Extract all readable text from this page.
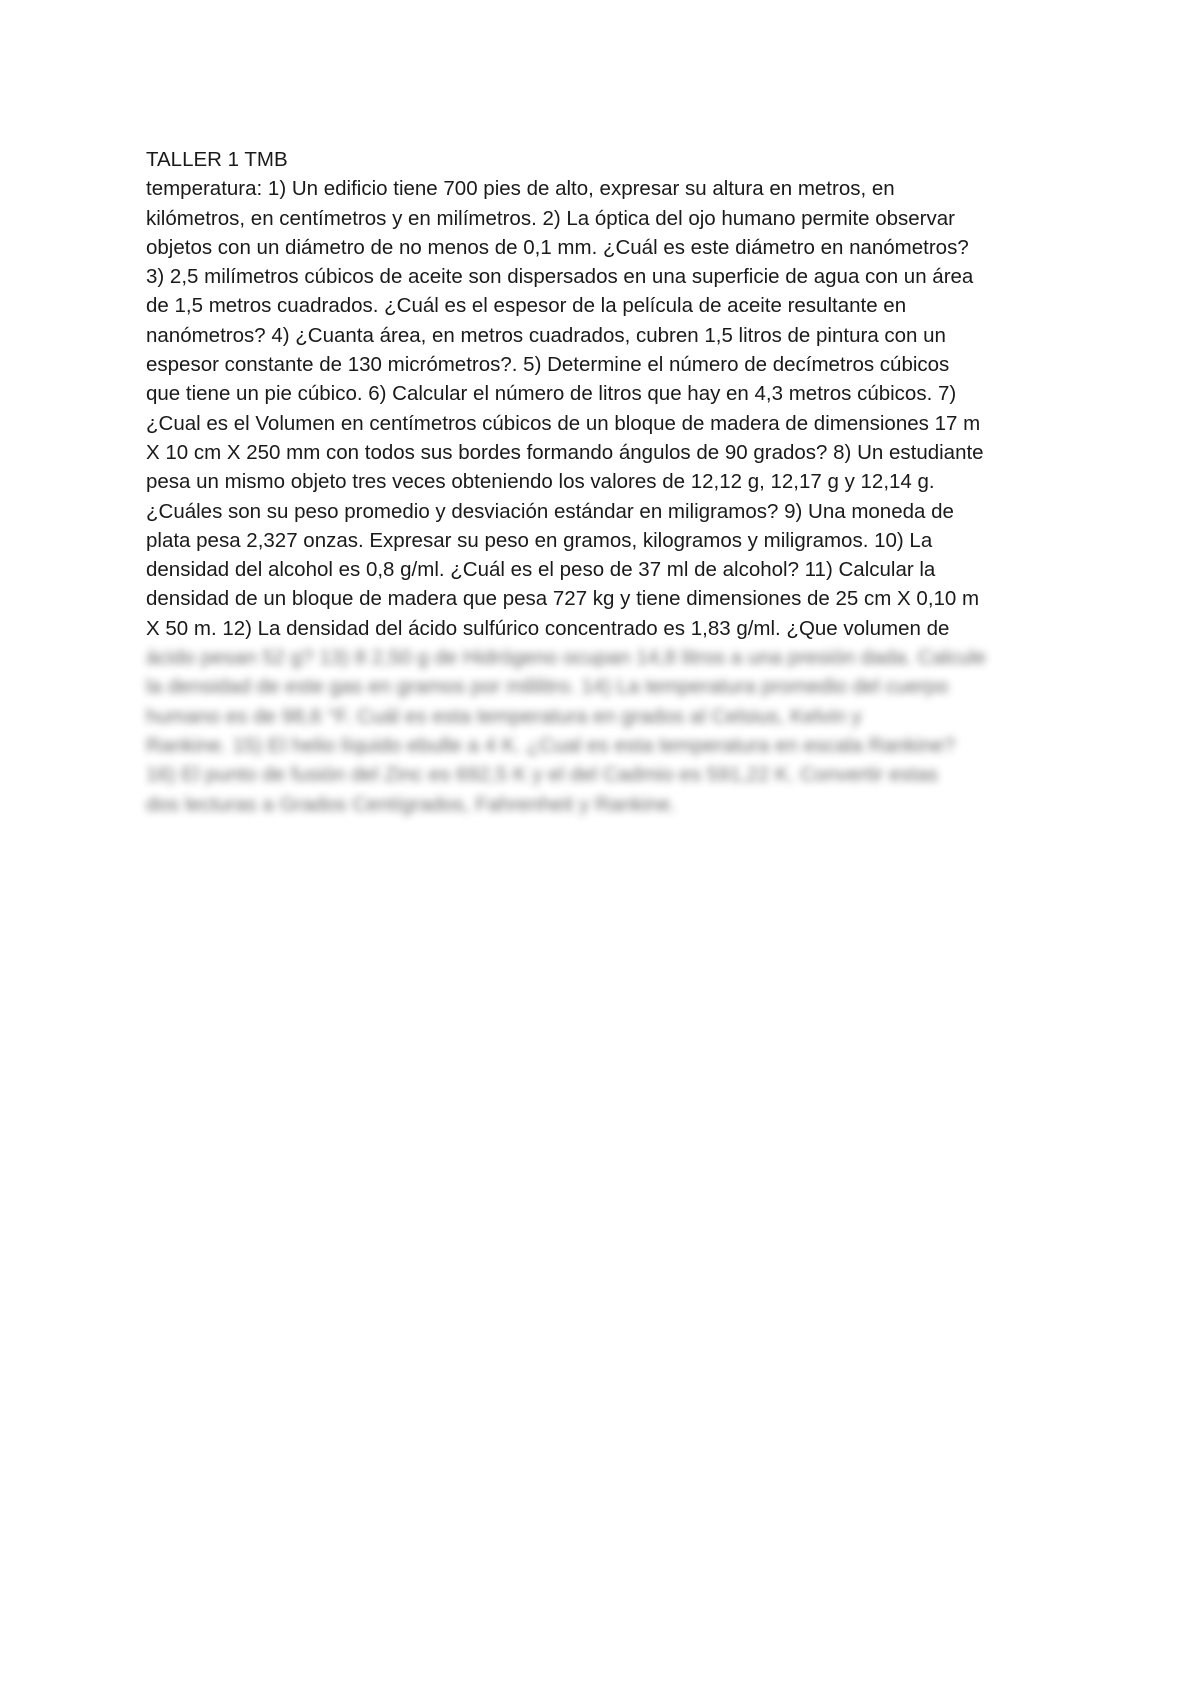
TALLER 1 TMB
temperatura: 1) Un edificio tiene 700 pies de alto, expresar su altura en metros, en
kilómetros, en centímetros y en milímetros. 2) La óptica del ojo humano permite observar
objetos con un diámetro de no menos de 0,1 mm. ¿Cuál es este diámetro en nanómetros?
3) 2,5 milímetros cúbicos de aceite son dispersados en una superficie de agua con un área
de 1,5 metros cuadrados. ¿Cuál es el espesor de la película de aceite resultante en
nanómetros? 4) ¿Cuanta área, en metros cuadrados, cubren 1,5 litros de pintura con un
espesor constante de 130 micrómetros?. 5) Determine el número de decímetros cúbicos
que tiene un pie cúbico. 6) Calcular el número de litros que hay en 4,3 metros cúbicos. 7)
¿Cual es el Volumen en centímetros cúbicos de un bloque de madera de dimensiones 17 m
X 10 cm X 250 mm con todos sus bordes formando ángulos de 90 grados? 8) Un estudiante
pesa un mismo objeto tres veces obteniendo los valores de 12,12 g, 12,17 g y 12,14 g.
¿Cuáles son su peso promedio y desviación estándar en miligramos? 9) Una moneda de
plata pesa 2,327 onzas. Expresar su peso en gramos, kilogramos y miligramos. 10) La
densidad del alcohol es 0,8 g/ml. ¿Cuál es el peso de 37 ml de alcohol? 11) Calcular la
densidad de un bloque de madera que pesa 727 kg y tiene dimensiones de 25 cm X 0,10 m
X 50 m. 12) La densidad del ácido sulfúrico concentrado es 1,83 g/ml. ¿Que volumen de
ácido pesan 52 g? 13) 8 2,50 g de Hidrógeno ocupan 14,8 litros a una presión dada. Calcule
la densidad de este gas en gramos por mililitro. 14) La temperatura promedio del cuerpo
humano es de 98,6 °F. Cuál es esta temperatura en grados al Celsius, Kelvin y
Rankine. 15) El helio líquido ebulle a 4 K. ¿Cual es esta temperatura en escala Rankine?
16) El punto de fusión del Zinc es 692,5 K y el del Cadmio es 591,22 K. Convertir estas
dos lecturas a Grados Centígrados, Fahrenheit y Rankine.
